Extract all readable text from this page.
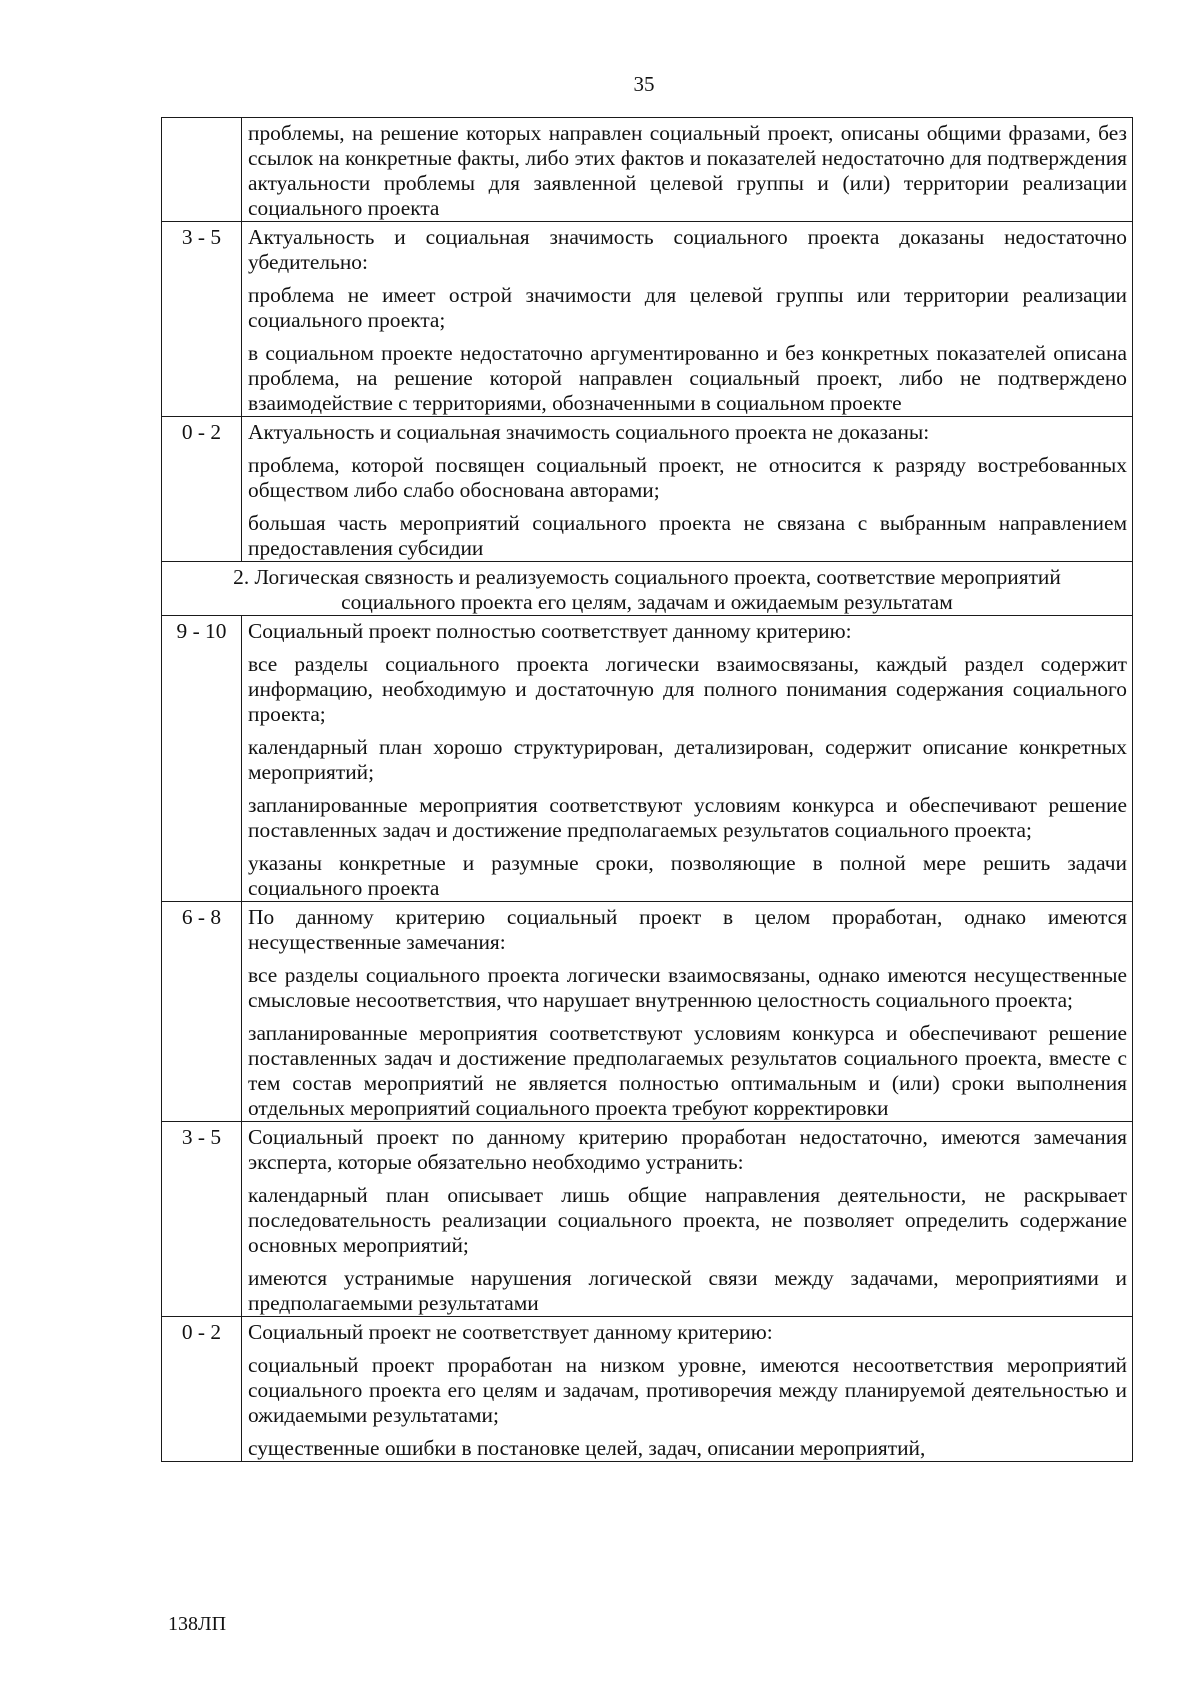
35

	проблемы, на решение которых направлен социальный проект, описаны общими фразами, без ссылок на конкретные факты, либо этих фактов и показателей недостаточно для подтверждения актуальности проблемы для заявленной целевой группы и (или) территории реализации социального проекта

3 - 5	Актуальность и социальная значимость социального проекта доказаны недостаточно убедительно:
проблема не имеет острой значимости для целевой группы или территории реализации социального проекта;
в социальном проекте недостаточно аргументированно и без конкретных показателей описана проблема, на решение которой направлен социальный проект, либо не подтверждено взаимодействие с территориями, обозначенными в социальном проекте

0 - 2	Актуальность и социальная значимость социального проекта не доказаны:
проблема, которой посвящен социальный проект, не относится к разряду востребованных обществом либо слабо обоснована авторами;
большая часть мероприятий социального проекта не связана с выбранным направлением предоставления субсидии

2. Логическая связность и реализуемость социального проекта, соответствие мероприятий социального проекта его целям, задачам и ожидаемым результатам	
9 - 10	Социальный проект полностью соответствует данному критерию:
все разделы социального проекта логически взаимосвязаны, каждый раздел содержит информацию, необходимую и достаточную для полного понимания содержания социального проекта;
календарный план хорошо структурирован, детализирован, содержит описание конкретных мероприятий;
запланированные мероприятия соответствуют условиям конкурса и обеспечивают решение поставленных задач и достижение предполагаемых результатов социального проекта;
указаны конкретные и разумные сроки, позволяющие в полной мере решить задачи социального проекта

6 - 8	По данному критерию социальный проект в целом проработан, однако имеются несущественные замечания:
все разделы социального проекта логически взаимосвязаны, однако имеются несущественные смысловые несоответствия, что нарушает внутреннюю целостность социального проекта;
запланированные мероприятия соответствуют условиям конкурса и обеспечивают решение поставленных задач и достижение предполагаемых результатов социального проекта, вместе с тем состав мероприятий не является полностью оптимальным и (или) сроки выполнения отдельных мероприятий социального проекта требуют корректировки

3 - 5	Социальный проект по данному критерию проработан недостаточно, имеются замечания эксперта, которые обязательно необходимо устранить:
календарный план описывает лишь общие направления деятельности, не раскрывает последовательность реализации социального проекта, не позволяет определить содержание основных мероприятий;
имеются устранимые нарушения логической связи между задачами, мероприятиями и предполагаемыми результатами

0 - 2	Социальный проект не соответствует данному критерию:
социальный проект проработан на низком уровне, имеются несоответствия мероприятий социального проекта его целям и задачам, противоречия между планируемой деятельностью и ожидаемыми результатами;
существенные ошибки в постановке целей, задач, описании мероприятий,
138ЛП
